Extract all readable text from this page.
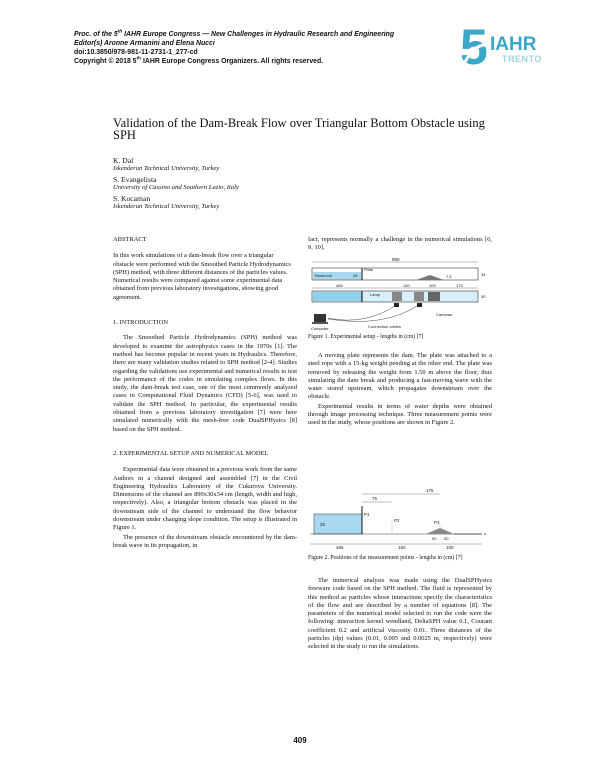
Proc. of the 5th IAHR Europe Congress — New Challenges in Hydraulic Research and Engineering
Editor(s) Aronne Armanini and Elena Nucci
doi:10.3850/978-981-11-2731-1_277-cd
Copyright © 2018 5th IAHR Europe Congress Organizers. All rights reserved.	5 IAHR
TRENTO
Validation of the Dam-Break Flow over Triangular Bottom Obstacle using SPH
K. Dal
Iskenderun Technical University, Turkey
S. Evangelista
University of Cassino and Southern Lazio, Italy
S. Kocaman
Iskenderun Technical University, Turkey

ABSTRACT

In this work simulations of a dam-break flow over a triangular obstacle were performed with the Smoothed Particle Hydrodynamics (SPH) method, with three different distances of the particles values. Numerical results were compared against some experimental data obtained from previous laboratory investigations, showing good agreement.

1. INTRODUCTION

The Smoothed Particle Hydrodynamics (SPH) method was developed to examine the astrophysics cases in the 1970s [1]. The method has become popular in recent years in Hydraulics. Therefore, there are many validation studies related to SPH method [2-4]. Studies regarding the validations use experimental and numerical results to test the performance of the codes in simulating complex flows. In this study, the dam-break test case, one of the most commonly analyzed cases in Computational Fluid Dynamics (CFD) [5-6], was used to validate the SPH method. In particular, the experimental results obtained from a previous laboratory investigation [7] were here simulated numerically with the mesh-free code DualSPHysics [8] based on the SPH method.

2. EXPERIMENTAL SETUP AND NUMERICAL MODEL

Experimental data were obtained in a previous work from the same Authors in a channel designed and assembled [7] in the Civil Engineering Hydraulics Laboratory of the Cukurova University. Dimensions of the channel are 890x30x34 cm (length, width and high, respectively). Also, a triangular bottom obstacle was placed in the downstream side of the channel to understand the flow behavior downstream under changing slope condition. The setup is illustrated in Figure 1.

The presence of the downstream obstacle encountered by the dam-break wave in its propagation, in

fact, represents normally a challenge in the numerical simulations [6, 9, 10].

890
Reservoir	25
Plate
7.5	34
465	150	100	175
Lamp	30
Computer	Connection cables
Cameras
Figure 1. Experimental setup - lengths in (cm) [7]

A moving plate represents the dam. The plate was attached to a steel rope with a 15-kg weight pending at the other end. The plate was removed by releasing the weight from 1.50 m above the floor, thus simulating the dam break and producing a fast-moving wave with the water stored upstream, which propagates downstream over the obstacle.

Experimental results in terms of water depths were obtained through image processing technique. Three measurement points were used in the study, whose positions are shown in Figure 2.

175
75
25
P1
P2	P3
50 50
x
465	150	100
Figure 2. Positions of the measurement points - lengths in (cm) [7]

The numerical analysis was made using the DualSPHysics freeware code based on the SPH method. The fluid is represented by this method as particles whose interactions specify the characteristics of the flow and are described by a number of equations [8]. The parameters of the numerical model selected to run the code were the following: interaction kernel wendland, DeltaSPH value 0.1, Courant coefficient 0.2 and artificial viscosity 0.01. Three distances of the particles (dp) values (0.01, 0.005 and 0.0025 m, respectively) were selected in the study to run the simulations.

409
